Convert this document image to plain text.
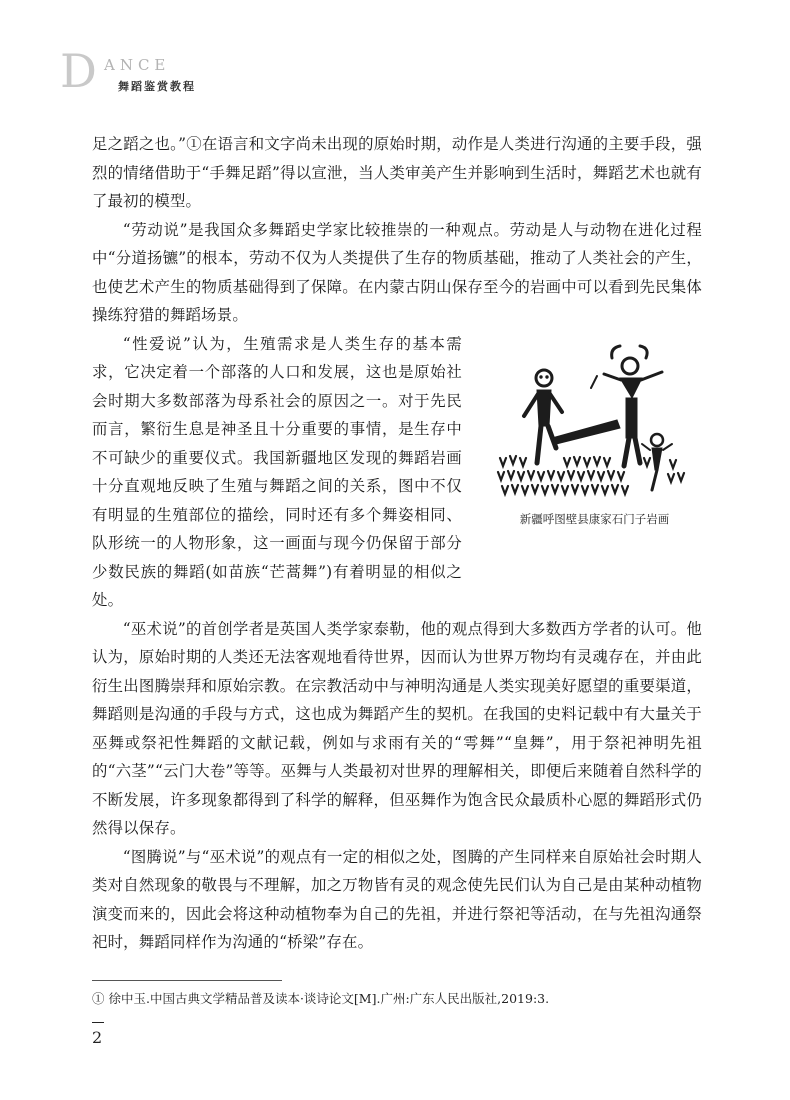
D ANCE
舞蹈鉴赏教程

足之蹈之也。”①在语言和文字尚未出现的原始时期，动作是人类进行沟通的主要手段，强烈的情绪借助于“手舞足蹈”得以宣泄，当人类审美产生并影响到生活时，舞蹈艺术也就有了最初的模型。

“劳动说”是我国众多舞蹈史学家比较推崇的一种观点。劳动是人与动物在进化过程中“分道扬镳”的根本，劳动不仅为人类提供了生存的物质基础，推动了人类社会的产生，也使艺术产生的物质基础得到了保障。在内蒙古阴山保存至今的岩画中可以看到先民集体操练狩猎的舞蹈场景。

“性爱说”认为，生殖需求是人类生存的基本需求，它决定着一个部落的人口和发展，这也是原始社会时期大多数部落为母系社会的原因之一。对于先民而言，繁衍生息是神圣且十分重要的事情，是生存中不可缺少的重要仪式。我国新疆地区发现的舞蹈岩画十分直观地反映了生殖与舞蹈之间的关系，图中不仅有明显的生殖部位的描绘，同时还有多个舞姿相同、队形统一的人物形象，这一画面与现今仍保留于部分少数民族的舞蹈(如苗族“芒蒿舞”)有着明显的相似之处。

新疆呼图壁县康家石门子岩画

“巫术说”的首创学者是英国人类学家泰勒，他的观点得到大多数西方学者的认可。他认为，原始时期的人类还无法客观地看待世界，因而认为世界万物均有灵魂存在，并由此衍生出图腾崇拜和原始宗教。在宗教活动中与神明沟通是人类实现美好愿望的重要渠道，舞蹈则是沟通的手段与方式，这也成为舞蹈产生的契机。在我国的史料记载中有大量关于巫舞或祭祀性舞蹈的文献记载，例如与求雨有关的“雩舞”“皇舞”，用于祭祀神明先祖的“六茎”“云门大卷”等等。巫舞与人类最初对世界的理解相关，即便后来随着自然科学的不断发展，许多现象都得到了科学的解释，但巫舞作为饱含民众最质朴心愿的舞蹈形式仍然得以保存。

“图腾说”与“巫术说”的观点有一定的相似之处，图腾的产生同样来自原始社会时期人类对自然现象的敬畏与不理解，加之万物皆有灵的观念使先民们认为自己是由某种动植物演变而来的，因此会将这种动植物奉为自己的先祖，并进行祭祀等活动，在与先祖沟通祭祀时，舞蹈同样作为沟通的“桥梁”存在。

① 徐中玉.中国古典文学精品普及读本·谈诗论文[M].广州:广东人民出版社,2019:3.
2
